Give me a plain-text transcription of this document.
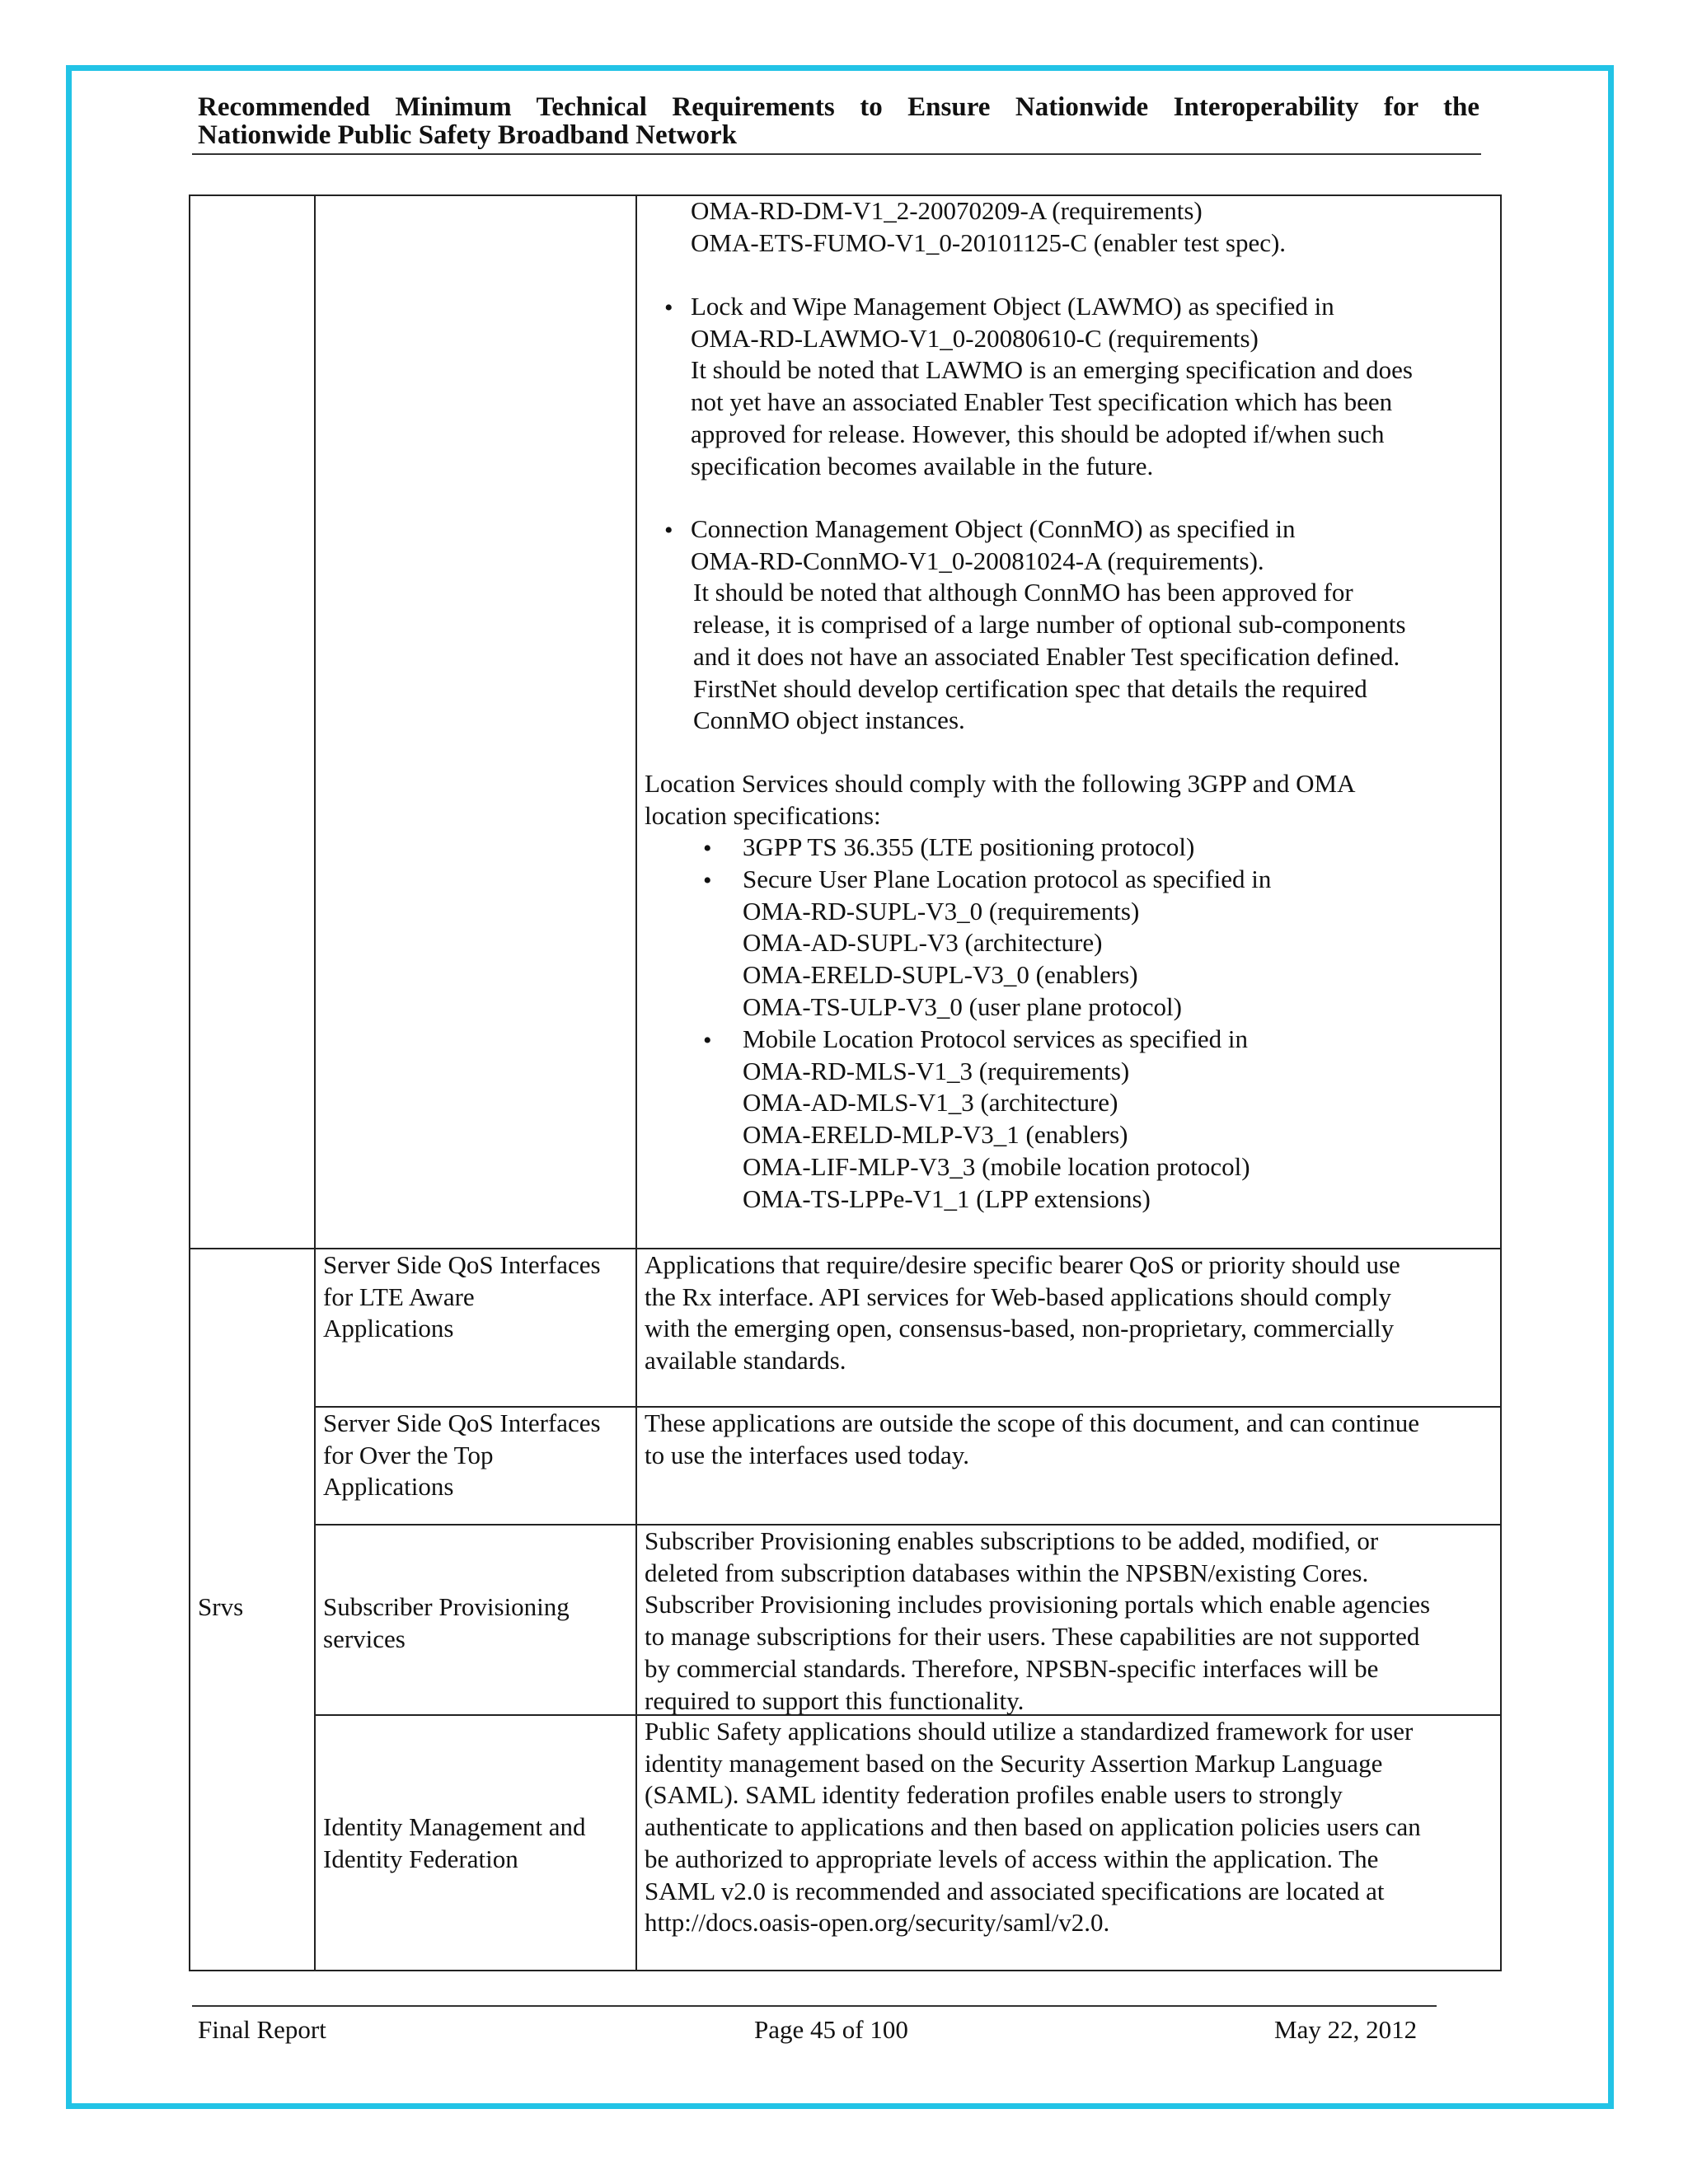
Recommended Minimum Technical Requirements to Ensure Nationwide Interoperability for the
Nationwide Public Safety Broadband Network
OMA-RD-DM-V1_2-20070209-A (requirements)
OMA-ETS-FUMO-V1_0-20101125-C (enabler test spec).
• Lock and Wipe Management Object (LAWMO) as specified in
OMA-RD-LAWMO-V1_0-20080610-C (requirements)
It should be noted that LAWMO is an emerging specification and does
not yet have an associated Enabler Test specification which has been
approved for release. However, this should be adopted if/when such
specification becomes available in the future.
• Connection Management Object (ConnMO) as specified in
OMA-RD-ConnMO-V1_0-20081024-A (requirements).
It should be noted that although ConnMO has been approved for
release, it is comprised of a large number of optional sub-components
and it does not have an associated Enabler Test specification defined.
FirstNet should develop certification spec that details the required
ConnMO object instances.
Location Services should comply with the following 3GPP and OMA
location specifications:
• 3GPP TS 36.355 (LTE positioning protocol)
• Secure User Plane Location protocol as specified in
OMA-RD-SUPL-V3_0 (requirements)
OMA-AD-SUPL-V3 (architecture)
OMA-ERELD-SUPL-V3_0 (enablers)
OMA-TS-ULP-V3_0 (user plane protocol)
• Mobile Location Protocol services as specified in
OMA-RD-MLS-V1_3 (requirements)
OMA-AD-MLS-V1_3 (architecture)
OMA-ERELD-MLP-V3_1 (enablers)
OMA-LIF-MLP-V3_3 (mobile location protocol)
OMA-TS-LPPe-V1_1 (LPP extensions)
Srvs
Server Side QoS Interfaces
for LTE Aware
Applications
Applications that require/desire specific bearer QoS or priority should use
the Rx interface. API services for Web-based applications should comply
with the emerging open, consensus-based, non-proprietary, commercially
available standards.
Server Side QoS Interfaces
for Over the Top
Applications
These applications are outside the scope of this document, and can continue
to use the interfaces used today.
Subscriber Provisioning
services
Subscriber Provisioning enables subscriptions to be added, modified, or
deleted from subscription databases within the NPSBN/existing Cores.
Subscriber Provisioning includes provisioning portals which enable agencies
to manage subscriptions for their users. These capabilities are not supported
by commercial standards. Therefore, NPSBN-specific interfaces will be
required to support this functionality.
Identity Management and
Identity Federation
Public Safety applications should utilize a standardized framework for user
identity management based on the Security Assertion Markup Language
(SAML). SAML identity federation profiles enable users to strongly
authenticate to applications and then based on application policies users can
be authorized to appropriate levels of access within the application. The
SAML v2.0 is recommended and associated specifications are located at
http://docs.oasis-open.org/security/saml/v2.0.
Final Report	Page 45 of 100	May 22, 2012
